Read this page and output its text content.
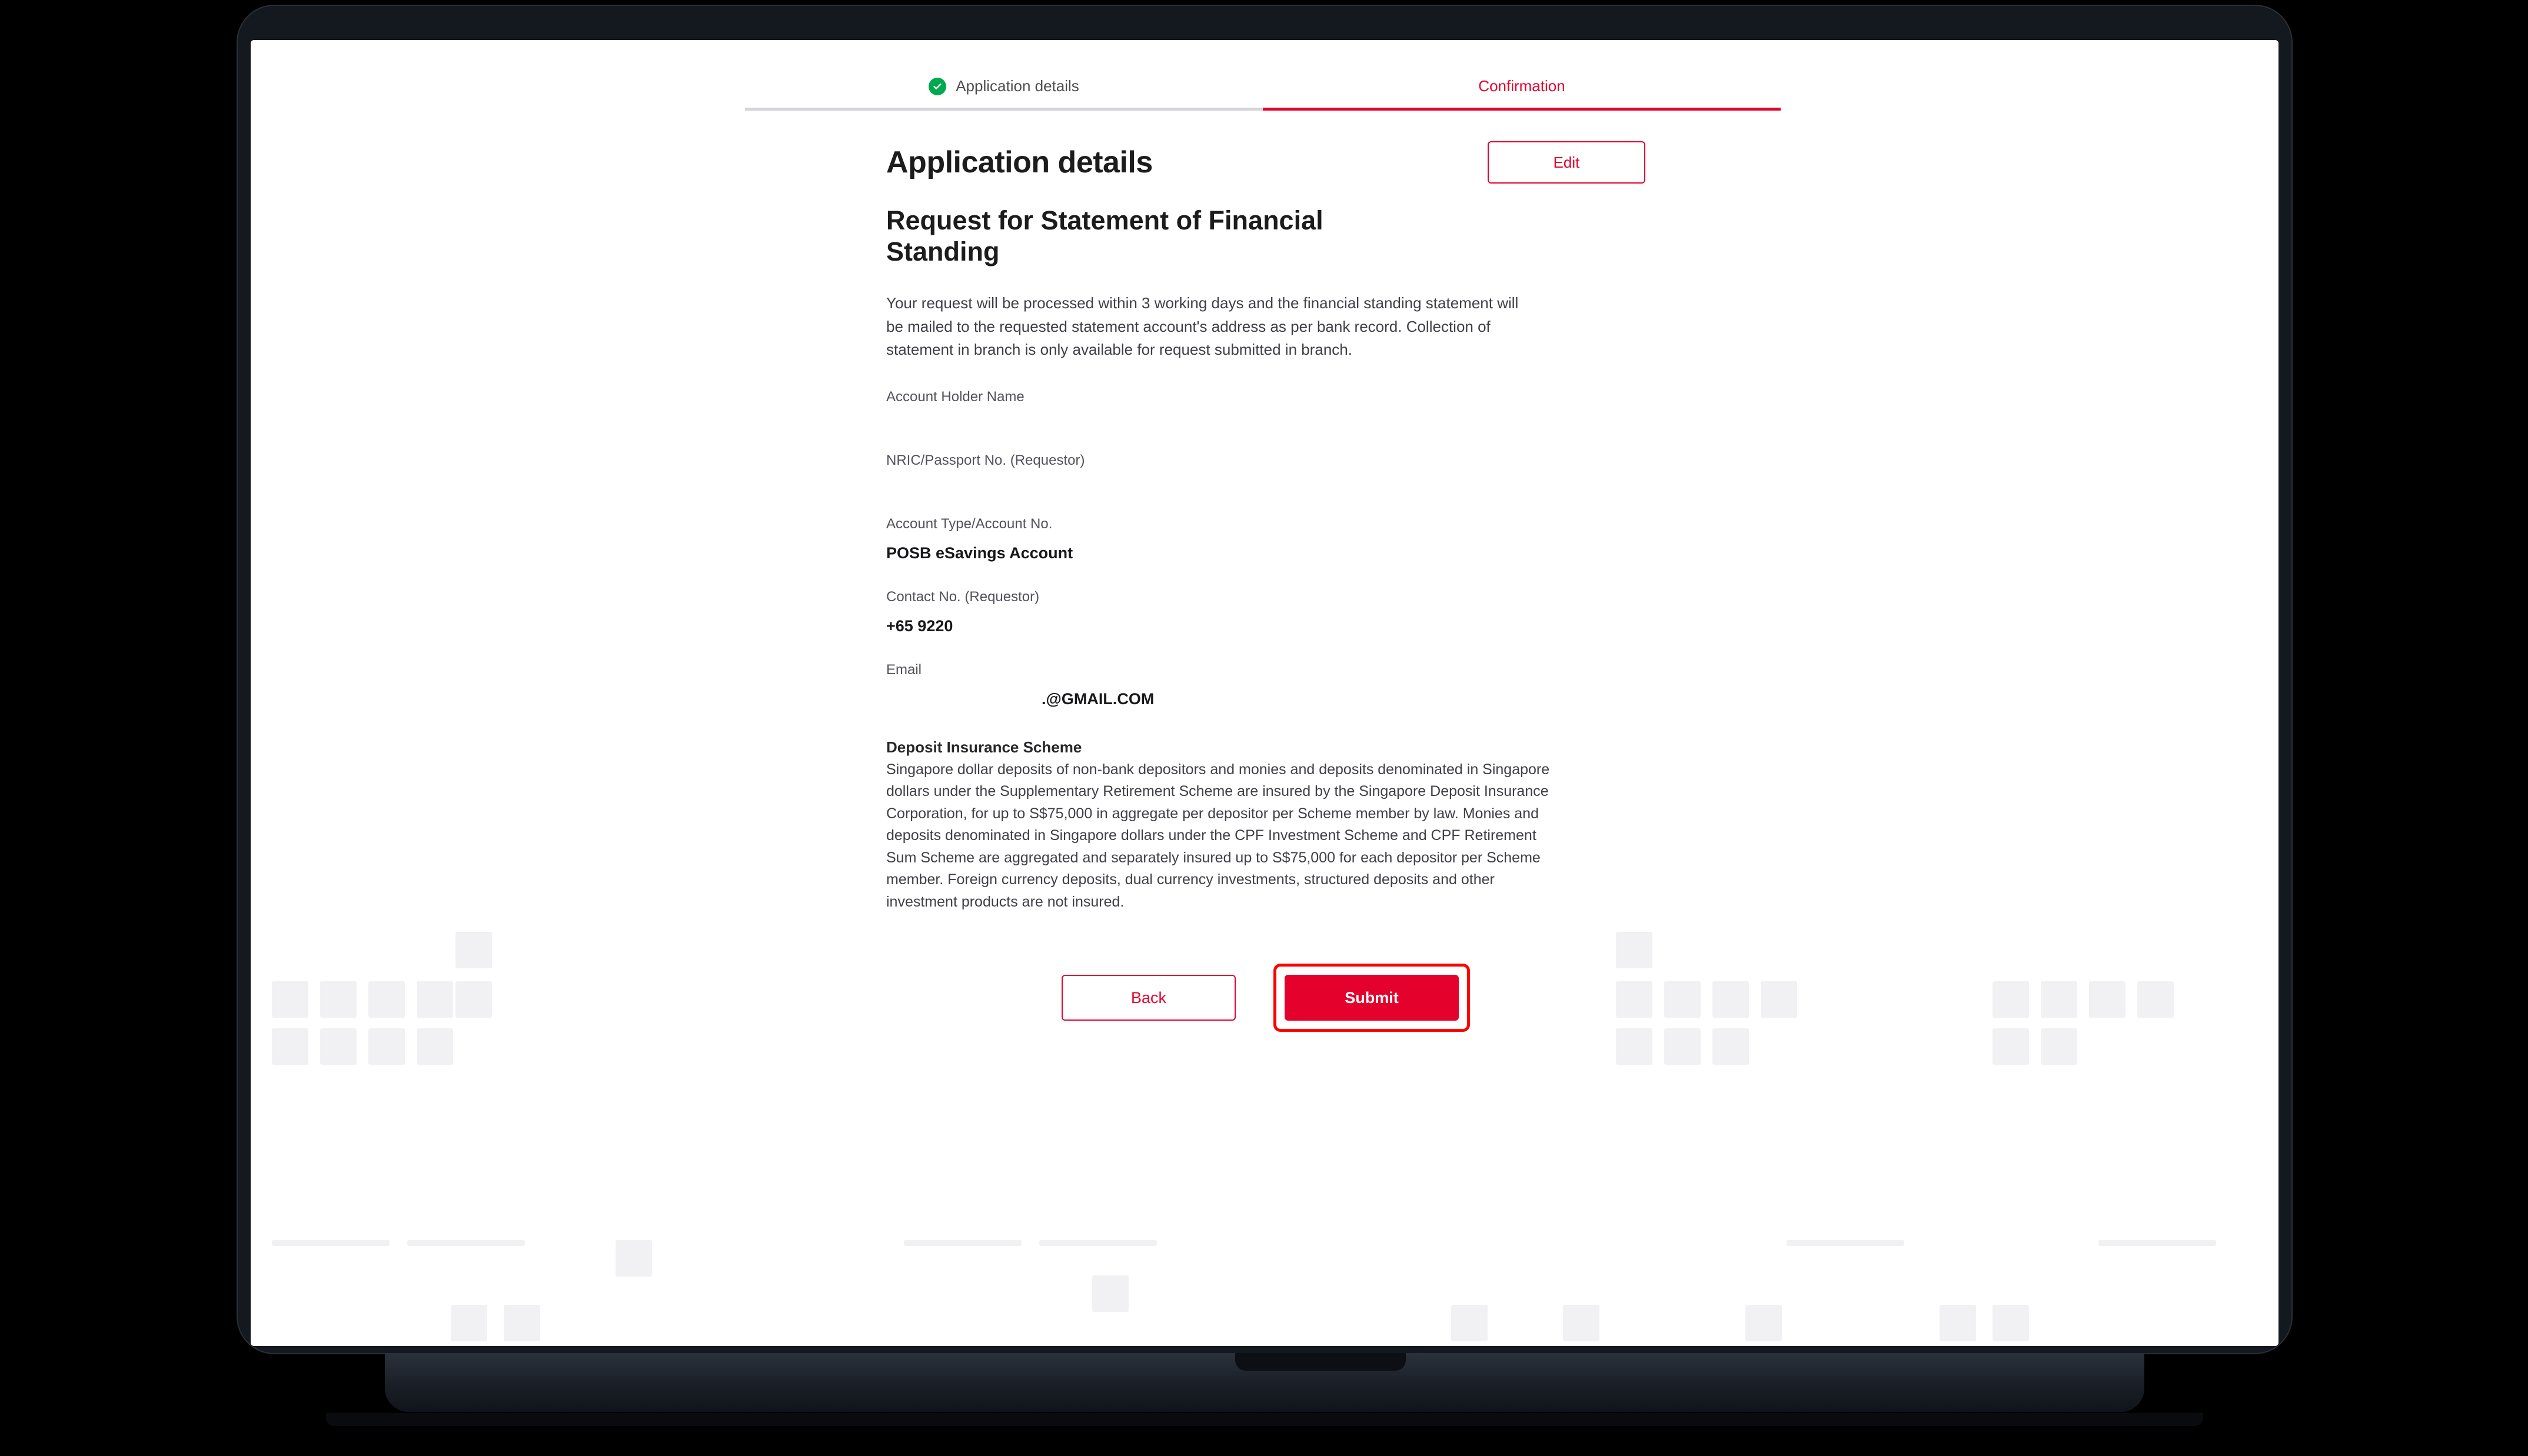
Application details	Confirmation
Application details	Edit
Request for Statement of Financial Standing

Your request will be processed within 3 working days and the financial standing statement will be mailed to the requested statement account's address as per bank record. Collection of statement in branch is only available for request submitted in branch.

Account Holder Name
NRIC/Passport No. (Requestor)
Account Type/Account No.
POSB eSavings Account
Contact No. (Requestor)
+65 9220
Email
.@GMAIL.COM
Deposit Insurance Scheme
Singapore dollar deposits of non-bank depositors and monies and deposits denominated in Singapore dollars under the Supplementary Retirement Scheme are insured by the Singapore Deposit Insurance Corporation, for up to S$75,000 in aggregate per depositor per Scheme member by law. Monies and deposits denominated in Singapore dollars under the CPF Investment Scheme and CPF Retirement Sum Scheme are aggregated and separately insured up to S$75,000 for each depositor per Scheme member. Foreign currency deposits, dual currency investments, structured deposits and other investment products are not insured.
Back	Submit
